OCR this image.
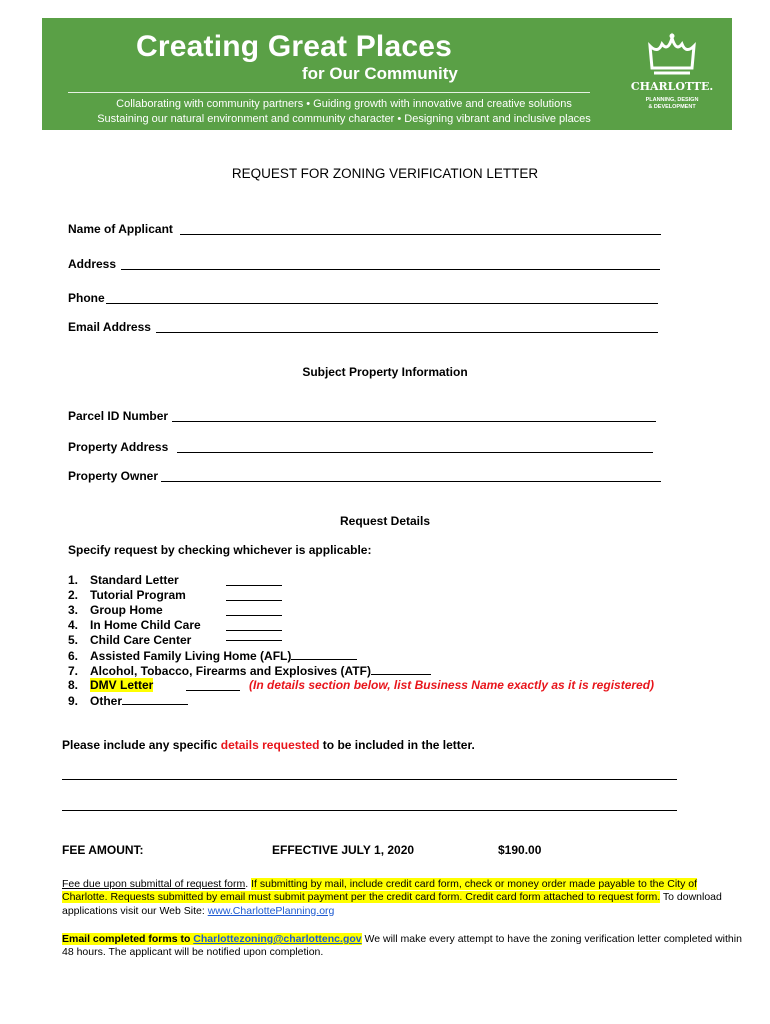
Creating Great Places
for Our Community
Collaborating with community partners • Guiding growth with innovative and creative solutions
Sustaining our natural environment and community character • Designing vibrant and inclusive places
CHARLOTTE.
PLANNING, DESIGN
& DEVELOPMENT
REQUEST FOR ZONING VERIFICATION LETTER
Name of Applicant
Address
Phone
Email Address
Subject Property Information
Parcel ID Number
Property Address
Property Owner
Request Details
Specify request by checking whichever is applicable:
1. Standard Letter
2. Tutorial Program
3. Group Home
4. In Home Child Care
5. Child Care Center
6. Assisted Family Living Home (AFL)
7. Alcohol, Tobacco, Firearms and Explosives (ATF)
8. DMV Letter	(In details section below, list Business Name exactly as it is registered)
9. Other
Please include any specific details requested to be included in the letter.
FEE AMOUNT:	EFFECTIVE JULY 1, 2020	$190.00
Fee due upon submittal of request form. If submitting by mail, include credit card form, check or money order made payable to the City of Charlotte. Requests submitted by email must submit payment per the credit card form. Credit card form attached to request form. To download applications visit our Web Site: www.CharlottePlanning.org
Email completed forms to Charlottezoning@charlottenc.gov We will make every attempt to have the zoning verification letter completed within 48 hours. The applicant will be notified upon completion.
